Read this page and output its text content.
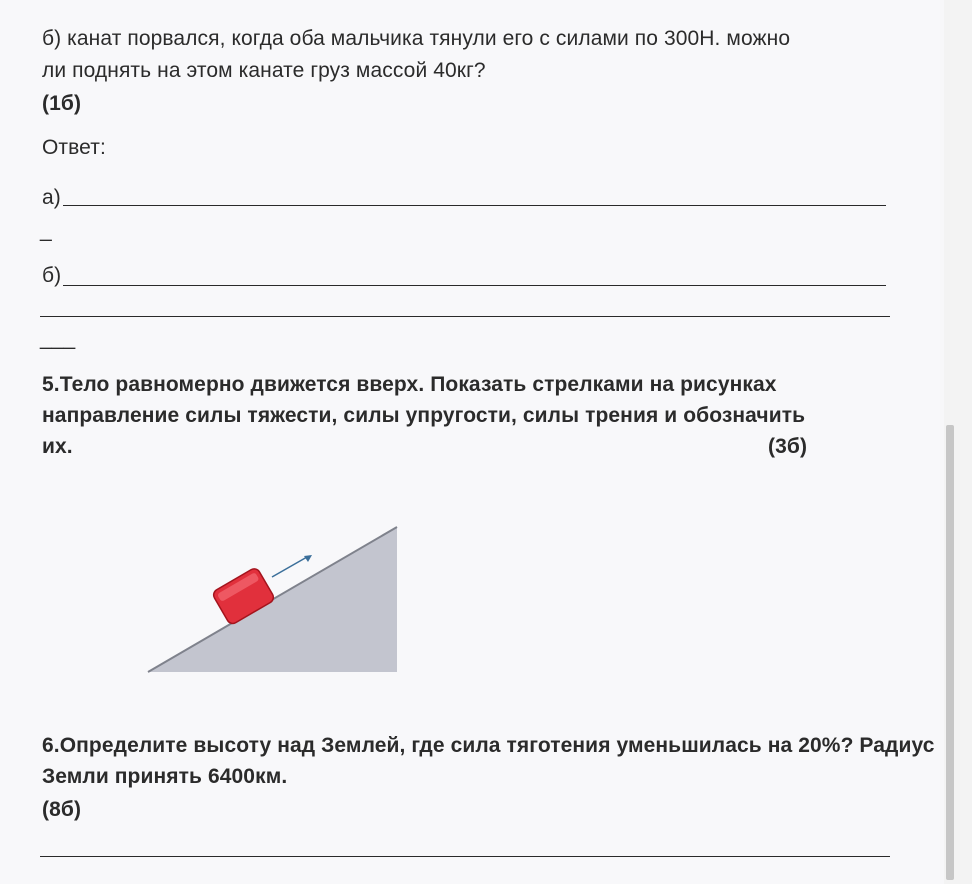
б) канат порвался, когда оба мальчика тянули его с силами по 300Н. можно
ли поднять на этом канате груз массой 40кг?
(1б)
Ответ:
а)
_
б)
___
5.Тело равномерно движется вверх. Показать стрелками на рисунках
направление силы тяжести, силы упругости, силы трения и обозначить
их.	(3б)
6.Определите высоту над Землей, где сила тяготения уменьшилась на 20%? Радиус
Земли принять 6400км.
(8б)
